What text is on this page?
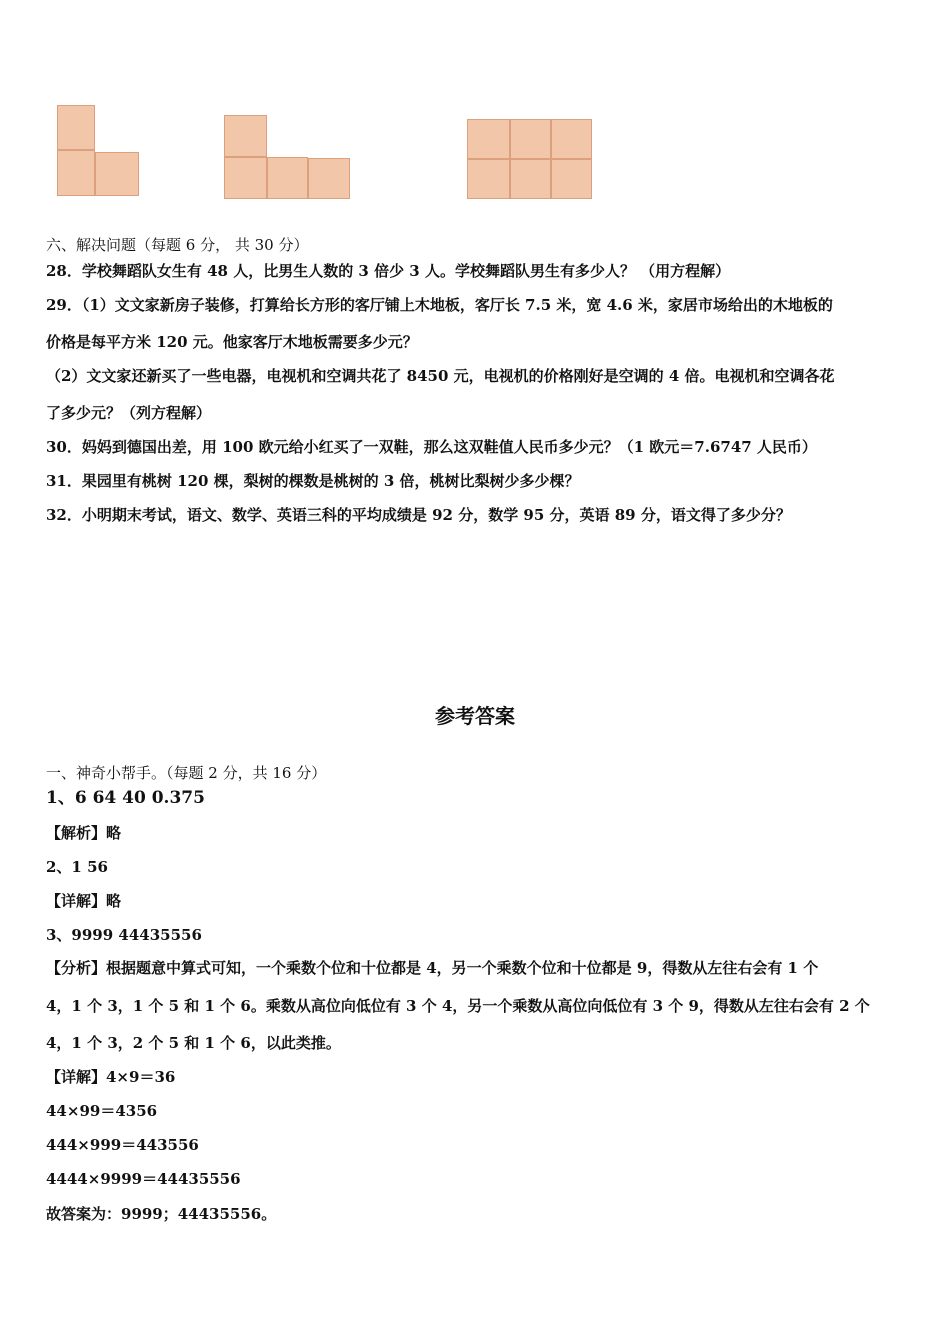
六、解决问题（每题 6 分， 共 30 分）
28．学校舞蹈队女生有 48 人，比男生人数的 3 倍少 3 人。学校舞蹈队男生有多少人？ （用方程解）
29．（1）文文家新房子装修，打算给长方形的客厅铺上木地板，客厅长 7.5 米，宽 4.6 米，家居市场给出的木地板的
价格是每平方米 120 元。他家客厅木地板需要多少元？
（2）文文家还新买了一些电器，电视机和空调共花了 8450 元，电视机的价格刚好是空调的 4 倍。电视机和空调各花
了多少元？（列方程解）
30．妈妈到德国出差，用 100 欧元给小红买了一双鞋，那么这双鞋值人民币多少元？（1 欧元＝7.6747 人民币）
31．果园里有桃树 120 棵，梨树的棵数是桃树的 3 倍，桃树比梨树少多少棵？
32．小明期末考试，语文、数学、英语三科的平均成绩是 92 分，数学 95 分，英语 89 分，语文得了多少分？
参考答案
一、神奇小帮手。（每题 2 分，共 16 分）
1、6 64 40 0.375
【解析】略
2、1 56
【详解】略
3、9999 44435556
【分析】根据题意中算式可知，一个乘数个位和十位都是 4，另一个乘数个位和十位都是 9，得数从左往右会有 1 个
4，1 个 3，1 个 5 和 1 个 6。乘数从高位向低位有 3 个 4，另一个乘数从高位向低位有 3 个 9，得数从左往右会有 2 个
4，1 个 3，2 个 5 和 1 个 6，以此类推。
【详解】4×9＝36
44×99＝4356
444×999＝443556
4444×9999＝44435556
故答案为：9999；44435556。
